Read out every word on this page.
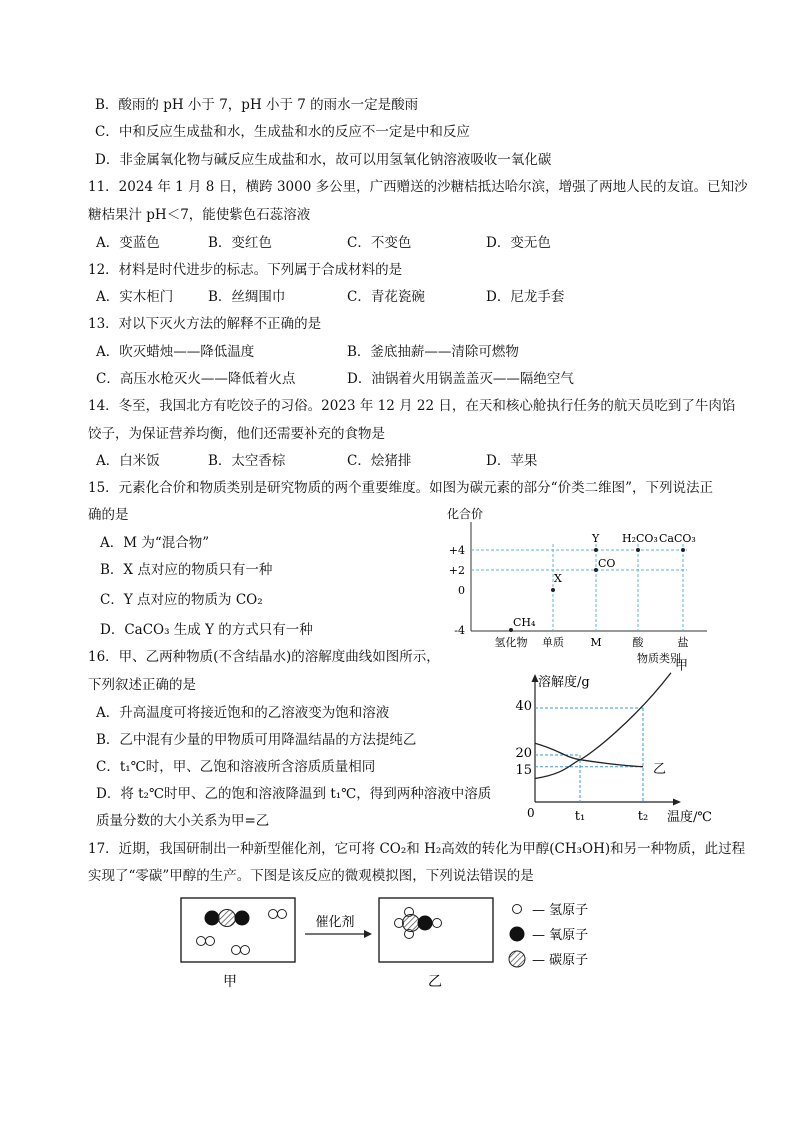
B．酸雨的 pH 小于 7，pH 小于 7 的雨水一定是酸雨
C．中和反应生成盐和水，生成盐和水的反应不一定是中和反应
D．非金属氧化物与碱反应生成盐和水，故可以用氢氧化钠溶液吸收一氧化碳
11．2024 年 1 月 8 日，横跨 3000 多公里，广西赠送的沙糖桔抵达哈尔滨，增强了两地人民的友谊。已知沙
糖桔果汁 pH＜7，能使紫色石蕊溶液
A．变蓝色	B．变红色	C．不变色	D．变无色
12．材料是时代进步的标志。下列属于合成材料的是
A．实木柜门	B．丝绸围巾	C．青花瓷碗	D．尼龙手套
13．对以下灭火方法的解释不正确的是
A．吹灭蜡烛——降低温度	B．釜底抽薪——清除可燃物
C．高压水枪灭火——降低着火点	D．油锅着火用锅盖盖灭——隔绝空气
14．冬至，我国北方有吃饺子的习俗。2023 年 12 月 22 日，在天和核心舱执行任务的航天员吃到了牛肉馅
饺子，为保证营养均衡，他们还需要补充的食物是
A．白米饭	B．太空香棕	C．烩猪排	D．苹果
15．元素化合价和物质类别是研究物质的两个重要维度。如图为碳元素的部分“价类二维图”，下列说法正
确的是
A．M 为“混合物”
B．X 点对应的物质只有一种
C．Y 点对应的物质为 CO₂
D．CaCO₃ 生成 Y 的方式只有一种
化合价
+4
+2
0
-4
氢化物 单质 M	酸	盐
CH₄
X
CO
Y H₂CO₃ CaCO₃
物质类别
16．甲、乙两种物质(不含结晶水)的溶解度曲线如图所示，
下列叙述正确的是
A．升高温度可将接近饱和的乙溶液变为饱和溶液
B．乙中混有少量的甲物质可用降温结晶的方法提纯乙
C．t₁℃时，甲、乙饱和溶液所含溶质质量相同
D．将 t₂℃时甲、乙的饱和溶液降温到 t₁℃，得到两种溶液中溶质
质量分数的大小关系为甲=乙
溶解度/g
0
40
20
15
t₁	t₂
甲
乙
温度/℃
17．近期，我国研制出一种新型催化剂，它可将 CO₂和 H₂高效的转化为甲醇(CH₃OH)和另一种物质，此过程
实现了“零碳”甲醇的生产。下图是该反应的微观模拟图，下列说法错误的是
甲
催化剂
乙
— 氢原子
— 氧原子
— 碳原子
